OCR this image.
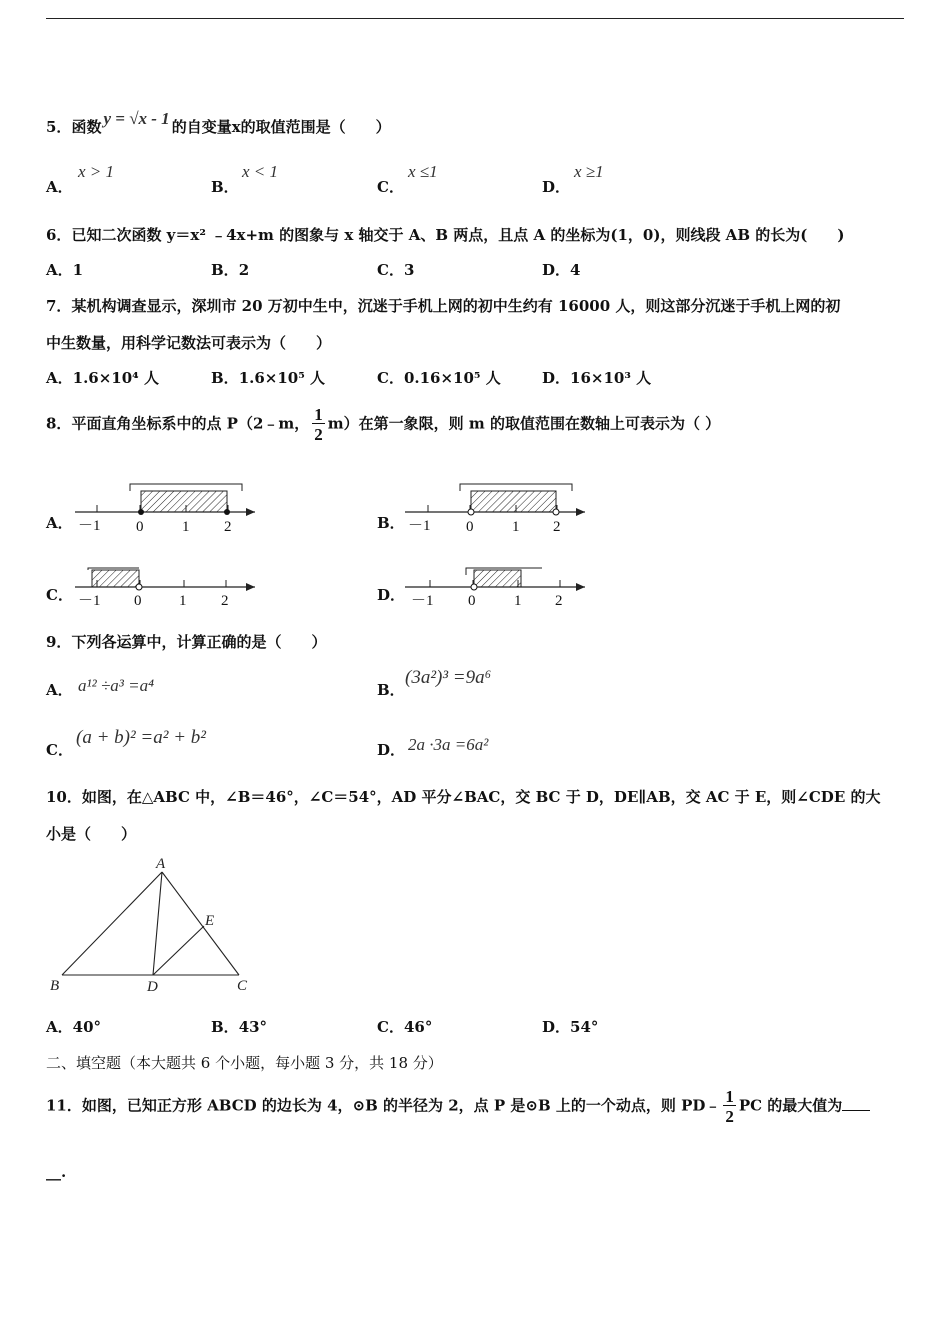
5．函数 y = √x - 1 的自变量x的取值范围是（　　）
A．
x > 1
B．
x < 1
C．
x ≤1
D．
x ≥1
6．已知二次函数 y＝x² ﹣4x+m 的图象与 x 轴交于 A、B 两点，且点 A 的坐标为(1，0)，则线段 AB 的长为(　　)
A．1	B．2	C．3	D．4
7．某机构调查显示，深圳市 20 万初中生中，沉迷于手机上网的初中生约有 16000 人，则这部分沉迷于手机上网的初
中生数量，用科学记数法可表示为（　　）
A．1.6×10⁴ 人	B．1.6×10⁵ 人	C．0.16×10⁵ 人	D．16×10³ 人
8．平面直角坐标系中的点 P（2﹣m， $\frac{1}{2} m$）在第一象限，则 m 的取值范围在数轴上可表示为（ ）
A．	B．
C．	D．
－1 0	1 2	－1 0	1 2
－1 0	1 2	－1 0	1 2
A
B	C
D
E
9．下列各运算中，计算正确的是（　　）
A． a¹² ÷a³ =a⁴	B．
(3a²)³ =9a⁶
C．
(a + b)² =a² + b²
D． 2a ·3a =6a²
10．如图，在△ABC 中，∠B＝46°，∠C＝54°，AD 平分∠BAC，交 BC 于 D，DE∥AB，交 AC 于 E，则∠CDE 的大
小是（　　）
A．40°	B．43°	C．46°	D．54°
二、填空题（本大题共 6 个小题，每小题 3 分，共 18 分）
11．如图，已知正方形 ABCD 的边长为 4，⊙B 的半径为 2，点 P 是⊙B 上的一个动点，则 PD﹣ $\frac{1}{2}$ PC 的最大值为
__.
